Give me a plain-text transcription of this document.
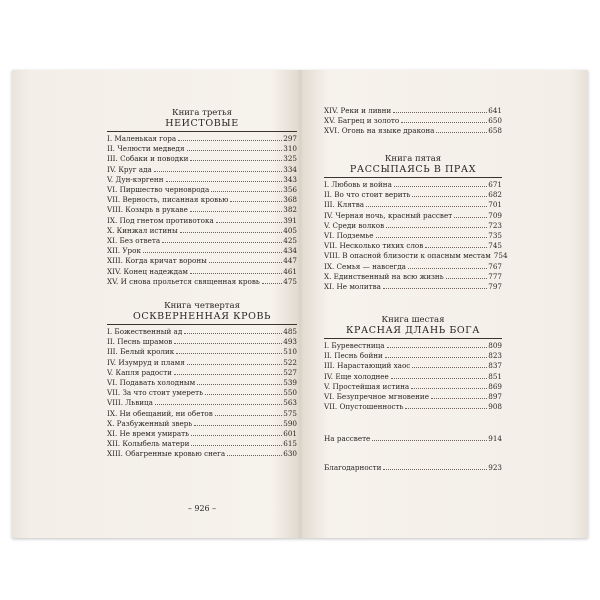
Книга третья
НЕИСТОВЫЕ
I. Маленькая гора	297
II. Челюсти медведя	310
III. Собаки и поводки	325
IV. Круг ада	334
V. Дун-кэргенн	343
VI. Пиршество черноврода	356
VII. Верность, писанная кровью	368
VIII. Козырь в рукаве	382
IX. Под гнетом противотока	391
X. Кинжал истины	405
XI. Без ответа	425
XII. Урок	434
XIII. Когда кричат вороны	447
XIV. Конец надеждам	461
XV. И снова прольется священная кровь	475
Книга четвертая
ОСКВЕРНЕННАЯ КРОВЬ
I. Божественный ад	485
II. Песнь шрамов	493
III. Белый кролик	510
IV. Изумруд и пламя	522
V. Капля радости	527
VI. Подавать холодным	539
VII. За что стоит умереть	550
VIII. Львица	563
IX. Ни обещаний, ни обетов	575
X. Разбуженный зверь	590
XI. Не время умирать	601
XII. Колыбель матери	615
XIII. Обагренные кровью снега	630
– 926 –
XIV. Реки и ливни	641
XV. Багрец и золото	650
XVI. Огонь на языке дракона	658
Книга пятая
РАССЫПАЯСЬ В ПРАХ
I. Любовь и война	671
II. Во что стоит верить	682
III. Клятва	701
IV. Черная ночь, красный рассвет	709
V. Среди волков	723
VI. Подземье	735
VII. Несколько тихих слов	745
VIII. В опасной близости к опасным местам 754
IX. Семья — навсегда	767
X. Единственный на всю жизнь	777
XI. Не молитва	797
Книга шестая
КРАСНАЯ ДЛАНЬ БОГА
I. Буревестница	809
II. Песнь бойни	823
III. Нарастающий хаос	837
IV. Еще холоднее	851
V. Простейшая истина	869
VI. Безупречное мгновение	897
VII. Опустошенность	908
На рассвете	914
Благодарности	923
